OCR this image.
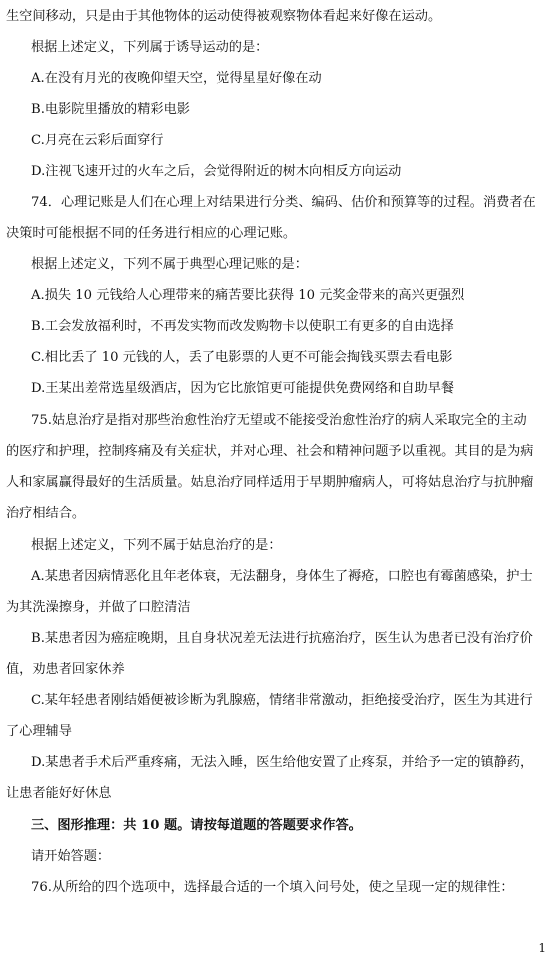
生空间移动，只是由于其他物体的运动使得被观察物体看起来好像在运动。
根据上述定义，下列属于诱导运动的是：
A.在没有月光的夜晚仰望天空，觉得星星好像在动
B.电影院里播放的精彩电影
C.月亮在云彩后面穿行
D.注视飞速开过的火车之后，会觉得附近的树木向相反方向运动
74．心理记账是人们在心理上对结果进行分类、编码、估价和预算等的过程。消费者在
决策时可能根据不同的任务进行相应的心理记账。
根据上述定义，下列不属于典型心理记账的是：
A.损失 10 元钱给人心理带来的痛苦要比获得 10 元奖金带来的高兴更强烈
B.工会发放福利时，不再发实物而改发购物卡以使职工有更多的自由选择
C.相比丢了 10 元钱的人，丢了电影票的人更不可能会掏钱买票去看电影
D.王某出差常选星级酒店，因为它比旅馆更可能提供免费网络和自助早餐
75.姑息治疗是指对那些治愈性治疗无望或不能接受治愈性治疗的病人采取完全的主动
的医疗和护理，控制疼痛及有关症状，并对心理、社会和精神问题予以重视。其目的是为病
人和家属赢得最好的生活质量。姑息治疗同样适用于早期肿瘤病人，可将姑息治疗与抗肿瘤
治疗相结合。
根据上述定义，下列不属于姑息治疗的是：
A.某患者因病情恶化且年老体衰，无法翻身，身体生了褥疮，口腔也有霉菌感染，护士
为其洗澡擦身，并做了口腔清洁
B.某患者因为癌症晚期，且自身状况差无法进行抗癌治疗，医生认为患者已没有治疗价
值，劝患者回家休养
C.某年轻患者刚结婚便被诊断为乳腺癌，情绪非常激动，拒绝接受治疗，医生为其进行
了心理辅导
D.某患者手术后严重疼痛，无法入睡，医生给他安置了止疼泵，并给予一定的镇静药，
让患者能好好休息
三、图形推理：共 10 题。请按每道题的答题要求作答。
请开始答题：
76.从所给的四个选项中，选择最合适的一个填入问号处，使之呈现一定的规律性：
1
